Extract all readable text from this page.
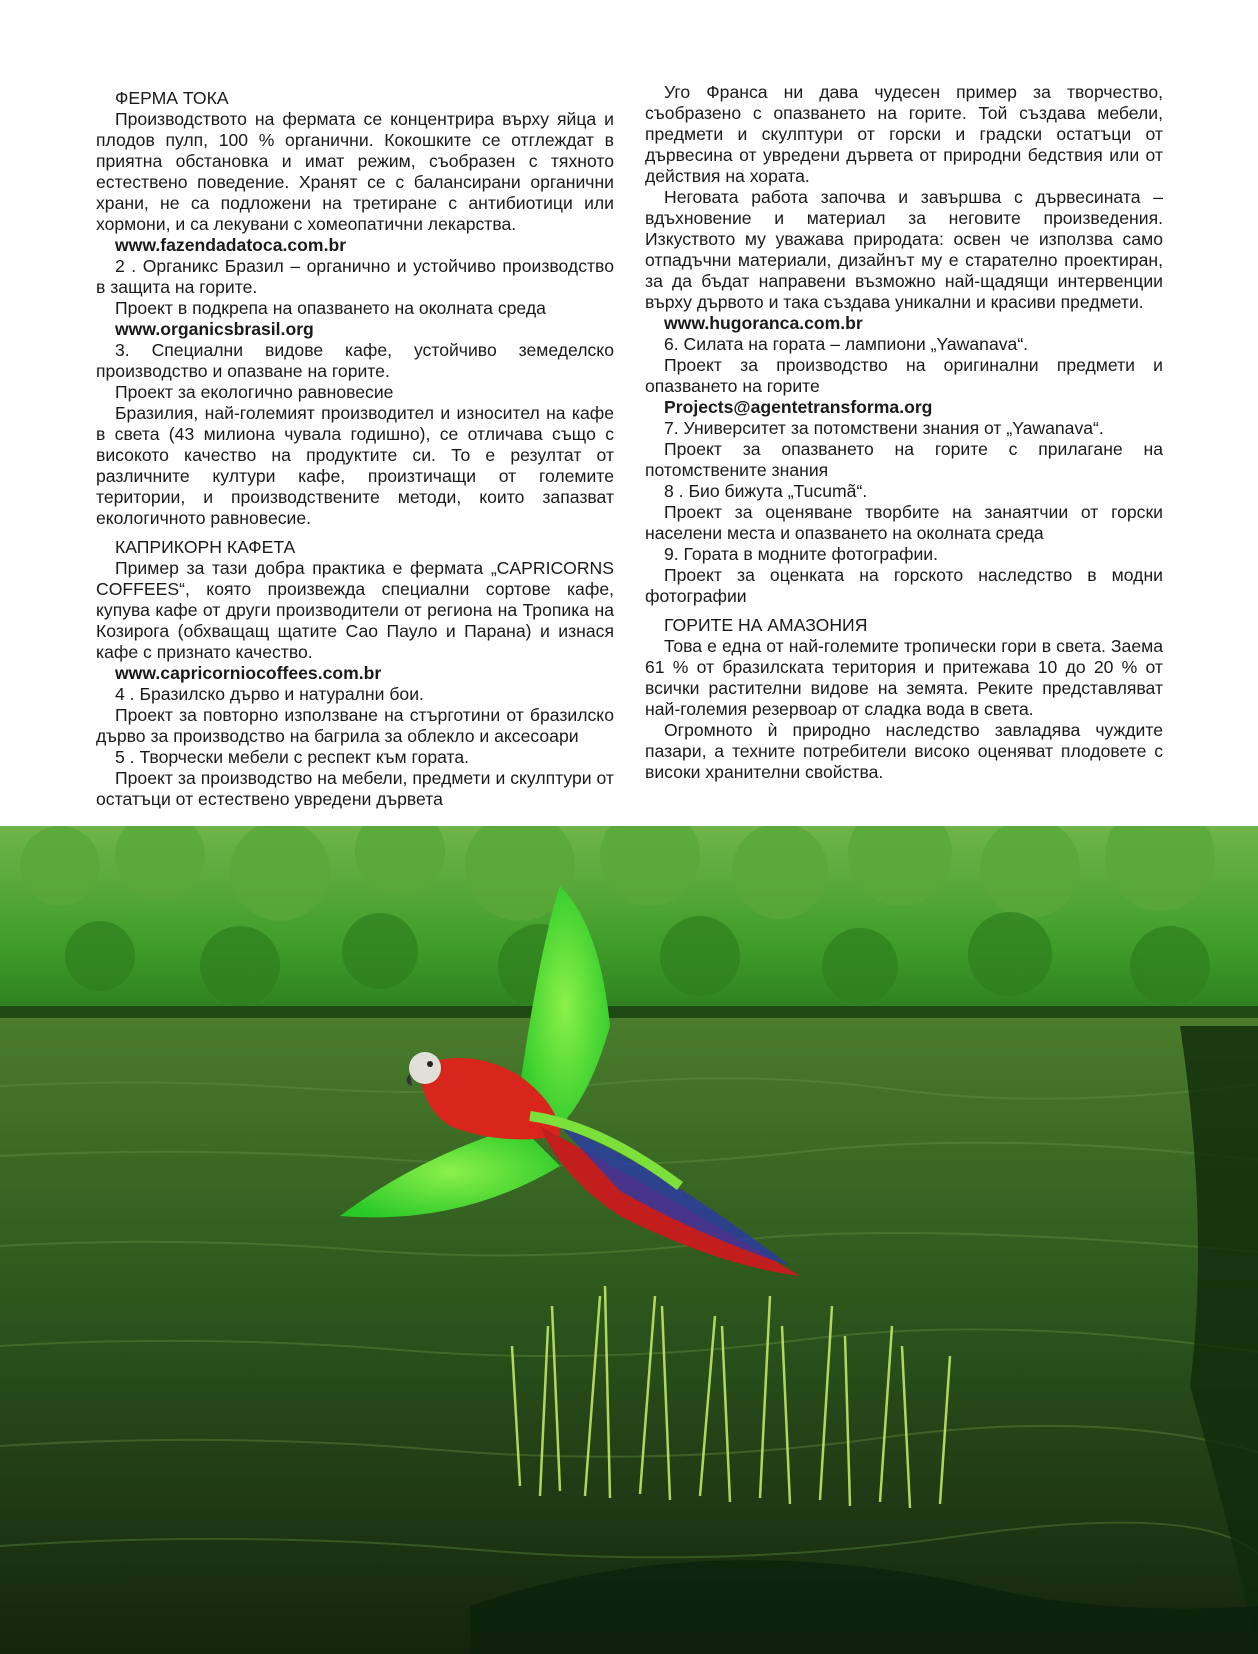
ФЕРМА ТОКА

Производството на фермата се концентрира върху яйца и плодов пулп, 100 % органични. Кокошките се отглеждат в приятна обстановка и имат режим, съобразен с тяхното естествено поведение. Хранят се с балансирани органични храни, не са подложени на третиране с антибиотици или хормони, и са лекувани с хомеопатични лекарства.

www.fazendadatoca.com.br

2 . Органикс Бразил – органично и устойчиво производство в защита на горите.

Проект в подкрепа на опазването на околната среда

www.organicsbrasil.org

3. Специални видове кафе, устойчиво земеделско производство и опазване на горите.

Проект за екологично равновесие

Бразилия, най-големият производител и износител на кафе в света (43 милиона чувала годишно), се отличава също с високото качество на продуктите си. То е резултат от различните култури кафе, произтичащи от големите територии, и производствените методи, които запазват екологичното равновесие.

КАПРИКОРН КАФЕТА

Пример за тази добра практика е фермата „CAPRICORNS COFFEES“, която произвежда специални сортове кафе, купува кафе от други производители от региона на Тропика на Козирога (обхващащ щатите Сао Пауло и Парана) и изнася кафе с признато качество.

www.capricorniocoffees.com.br

4 . Бразилско дърво и натурални бои.

Проект за повторно използване на стърготини от бразилско дърво за производство на багрила за облекло и аксесоари

5 . Творчески мебели с респект към гората.

Проект за производство на мебели, предмети и скулптури от остатъци от естествено увредени дървета

Уго Франса ни дава чудесен пример за творчество, съобразено с опазването на горите. Той създава мебели, предмети и скулптури от горски и градски остатъци от дървесина от увредени дървета от природни бедствия или от действия на хората.

Неговата работа започва и завършва с дървесината – вдъхновение и материал за неговите произведения. Изкуството му уважава природата: освен че използва само отпадъчни материали, дизайнът му е старателно проектиран, за да бъдат направени възможно най-щадящи интервенции върху дървото и така създава уникални и красиви предмети.

www.hugoranca.com.br

6. Силата на гората – лампиони „Yawanava“.

Проект за производство на оригинални предмети и опазването на горите

Projects@agentetransforma.org

7. Университет за потомствени знания от „Yawanava“.

Проект за опазването на горите с прилагане на потомствените знания

8 . Био бижута „Tucumã“.

Проект за оценяване творбите на занаятчии от горски населени места и опазването на околната среда

9. Гората в модните фотографии.

Проект за оценката на горското наследство в модни фотографии

ГОРИТЕ НА АМАЗОНИЯ

Това е една от най-големите тропически гори в света. Заема 61 % от бразилската територия и притежава 10 до 20 % от всички растителни видове на земята. Реките представляват най-големия резервоар от сладка вода в света.

Огромното ѝ природно наследство завладява чуждите пазари, а техните потребители високо оценяват плодовете с високи хранителни свойства.
